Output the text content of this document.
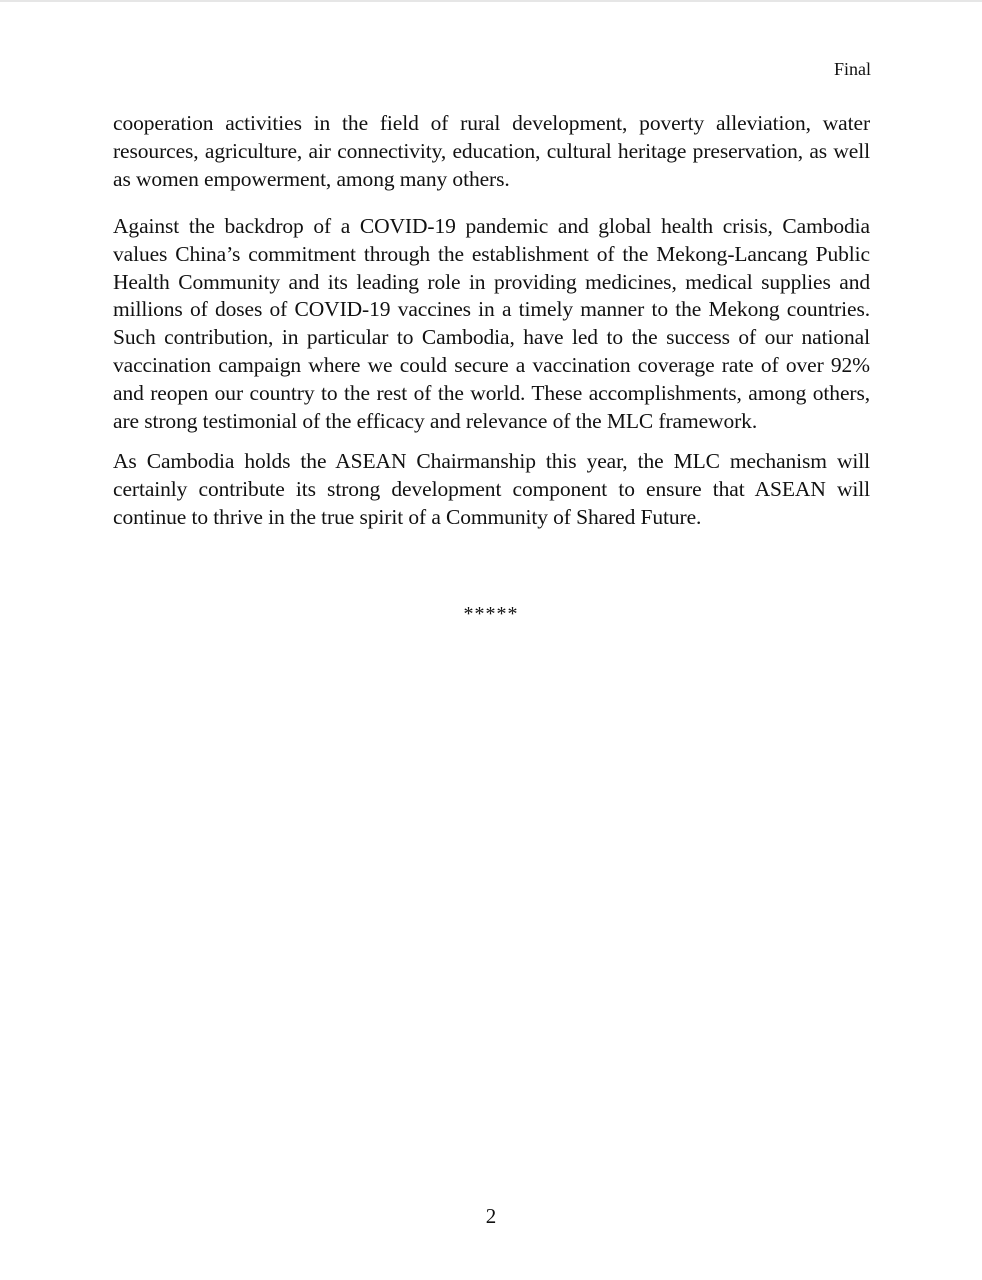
Final

cooperation activities in the field of rural development, poverty alleviation, water resources, agriculture, air connectivity, education, cultural heritage preservation, as well as women empowerment, among many others.

Against the backdrop of a COVID-19 pandemic and global health crisis, Cambodia values China’s commitment through the establishment of the Mekong-Lancang Public Health Community and its leading role in providing medicines, medical supplies and millions of doses of COVID-19 vaccines in a timely manner to the Mekong countries. Such contribution, in particular to Cambodia, have led to the success of our national vaccination campaign where we could secure a vaccination coverage rate of over 92% and reopen our country to the rest of the world. These accomplishments, among others, are strong testimonial of the efficacy and relevance of the MLC framework.

As Cambodia holds the ASEAN Chairmanship this year, the MLC mechanism will certainly contribute its strong development component to ensure that ASEAN will continue to thrive in the true spirit of a Community of Shared Future.

*****
2
